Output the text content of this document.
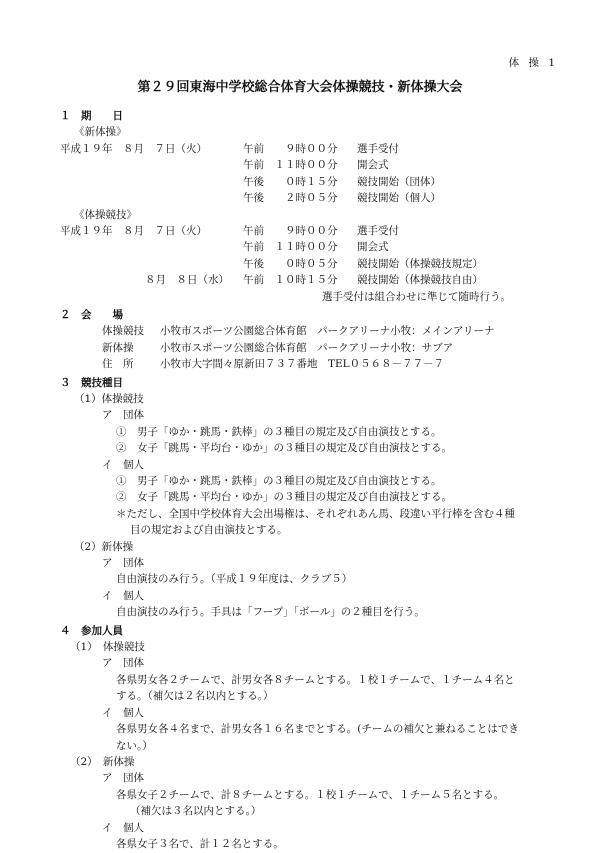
体 操 1
第２９回東海中学校総合体育大会体操競技・新体操大会
１　期　　日
《新体操》
平成１９年　８月　７日（火）	午前　　９時００分 選手受付
午前　１１時００分 開会式
午後　　０時１５分 競技開始（団体）
午後　　２時０５分 競技開始（個人）
《体操競技》
平成１９年　８月　７日（火）	午前　　９時００分 選手受付
午前　１１時００分 開会式
午後　　０時０５分 競技開始（体操競技規定）
８月　８日（水） 午前　１０時１５分 競技開始（体操競技自由）
選手受付は組合わせに準じて随時行う。
２　会　　場
体操競技 小牧市スポーツ公園総合体育館　パークアリーナ小牧：メインアリーナ
新体操	小牧市スポーツ公園総合体育館　パークアリーナ小牧：サブア
住　所	小牧市大字間々原新田７３７番地　TEL０５６８－７７－７
３　競技種目
（1）体操競技
ア　団体
①　男子「ゆか・跳馬・鉄棒」の３種目の規定及び自由演技とする。
②　女子「跳馬・平均台・ゆか」の３種目の規定及び自由演技とする。
イ　個人
①　男子「ゆか・跳馬・鉄棒」の３種目の規定及び自由演技とする。
②　女子「跳馬・平均台・ゆか」の３種目の規定及び自由演技とする。
＊ただし、全国中学校体育大会出場権は、それぞれあん馬、段違い平行棒を含む４種
目の規定および自由演技とする。
（2）新体操
ア　団体
自由演技のみ行う。（平成１９年度は、クラブ５）
イ　個人
自由演技のみ行う。手具は「フープ」「ボール」の２種目を行う。
４　参加人員
（1）　体操競技
ア　団体
各県男女各２チームで、計男女各８チームとする。１校１チームで、１チーム４名と
する。（補欠は２名以内とする。）
イ　個人
各県男女各４名まで、計男女各１６名までとする。(チームの補欠と兼ねることはでき
ない。）
（2）　新体操
ア　団体
各県女子２チームで、計８チームとする。１校１チームで、１チーム５名とする。
（補欠は３名以内とする。）
イ　個人
各県女子３名で、計１２名とする。
